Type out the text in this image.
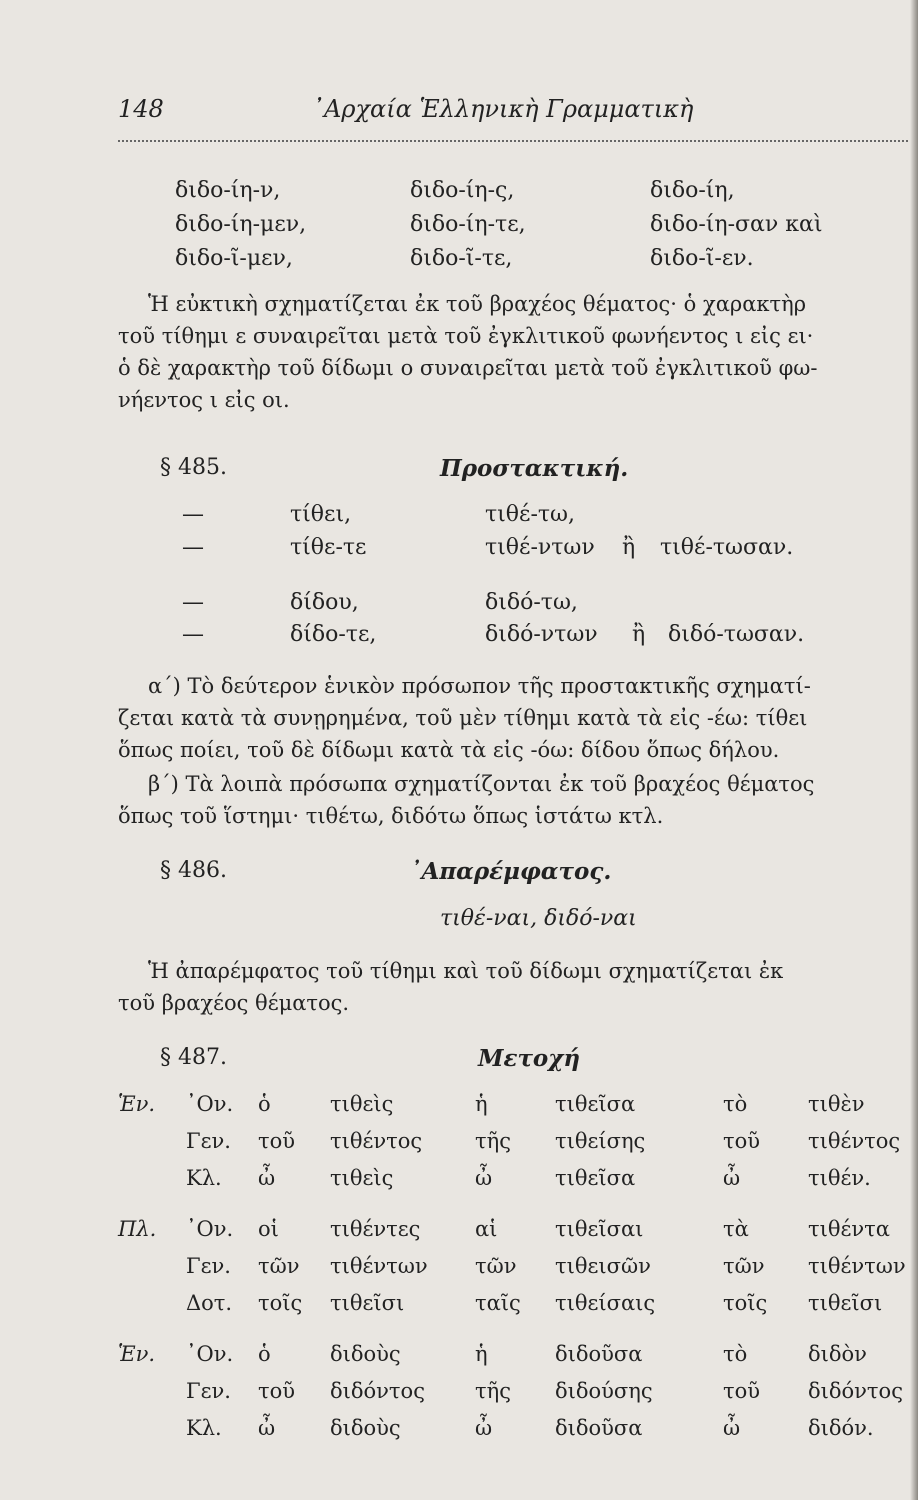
148	᾿Αρχαία Ἑλληνικὴ Γραμματικὴ
διδο-ίη-ν,	διδο-ίη-ς,	διδο-ίη,
διδο-ίη-μεν,	διδο-ίη-τε,	διδο-ίη-σαν καὶ
διδο-ῖ-μεν,	διδο-ῖ-τε,	διδο-ῖ-εν.
Ἡ εὐκτικὴ σχηματίζεται ἐκ τοῦ βραχέος θέματος· ὁ χαρακτὴρ
τοῦ τίθημι ε συναιρεῖται μετὰ τοῦ ἐγκλιτικοῦ φωνήεντος ι εἰς ει·
ὁ δὲ χαρακτὴρ τοῦ δίδωμι ο συναιρεῖται μετὰ τοῦ ἐγκλιτικοῦ φω-
νήεντος ι εἰς οι.
§ 485.	Προστακτική.
—	τίθει,	τιθέ-τω,
—	τίθε-τε	τιθέ-ντων ἢ τιθέ-τωσαν.
—	δίδου,	διδό-τω,
—	δίδο-τε,	διδό-ντων ἢ διδό-τωσαν.
α΄) Τὸ δεύτερον ἑνικὸν πρόσωπον τῆς προστακτικῆς σχηματί-
ζεται κατὰ τὰ συνῃρημένα, τοῦ μὲν τίθημι κατὰ τὰ εἰς -έω: τίθει
ὅπως ποίει, τοῦ δὲ δίδωμι κατὰ τὰ εἰς -όω: δίδου ὅπως δήλου.
β΄) Τὰ λοιπὰ πρόσωπα σχηματίζονται ἐκ τοῦ βραχέος θέματος
ὅπως τοῦ ἵστημι· τιθέτω, διδότω ὅπως ἱστάτω κτλ.
§ 486.	᾿Απαρέμφατος.
τιθέ-ναι, διδό-ναι
Ἡ ἀπαρέμφατος τοῦ τίθημι καὶ τοῦ δίδωμι σχηματίζεται ἐκ
τοῦ βραχέος θέματος.
§ 487.	Μετοχή
Ἑν. ᾿Ον. ὁ	τιθεὶς	ἡ	τιθεῖσα	τὸ	τιθὲν
Γεν. τοῦ τιθέντος	τῆς τιθείσης	τοῦ τιθέντος
Κλ. ὦ	τιθεὶς	ὦ	τιθεῖσα	ὦ	τιθέν.
Πλ. ᾿Ον. οἱ τιθέντες	αἱ	τιθεῖσαι	τὰ	τιθέντα
Γεν. τῶν τιθέντων τῶν τιθεισῶν	τῶν τιθέντων
Δοτ. τοῖς τιθεῖσι	ταῖς τιθείσαις	τοῖς τιθεῖσι
Ἑν. ᾿Ον. ὁ	διδοὺς	ἡ	διδοῦσα	τὸ	διδὸν
Γεν. τοῦ διδόντος τῆς διδούσης	τοῦ διδόντος
Κλ. ὦ	διδοὺς	ὦ	διδοῦσα	ὦ	διδόν.
